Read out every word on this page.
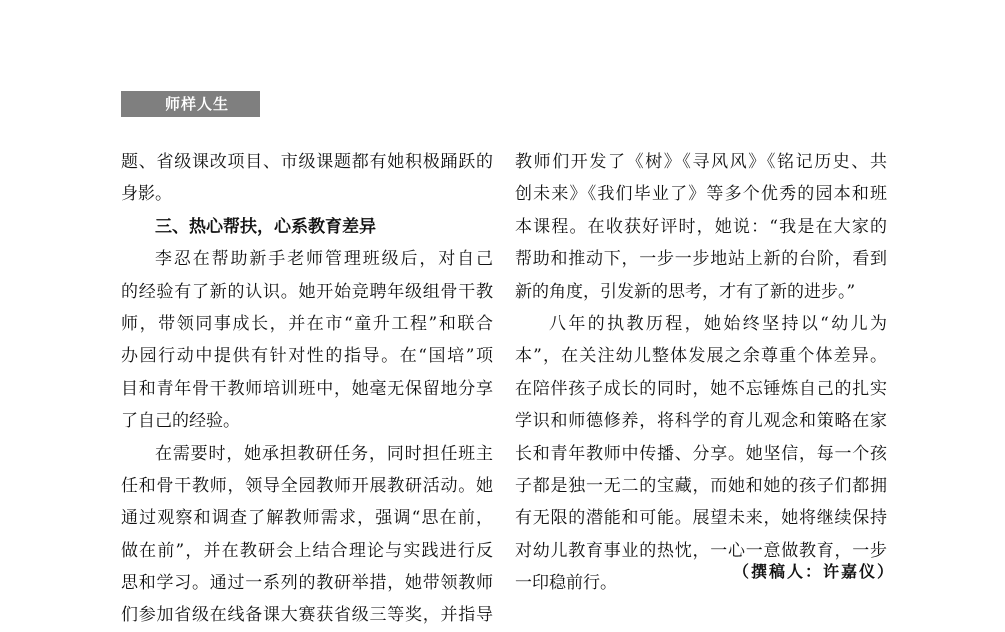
师样人生
题、省级课改项目、市级课题都有她积极踊跃的
身影。
三、热心帮扶，心系教育差异
李忍在帮助新手老师管理班级后，对自己
的经验有了新的认识。她开始竞聘年级组骨干教
师，带领同事成长，并在市“童升工程”和联合
办园行动中提供有针对性的指导。在“国培”项
目和青年骨干教师培训班中，她毫无保留地分享
了自己的经验。
在需要时，她承担教研任务，同时担任班主
任和骨干教师，领导全园教师开展教研活动。她
通过观察和调查了解教师需求，强调“思在前，
做在前”，并在教研会上结合理论与实践进行反
思和学习。通过一系列的教研举措，她带领教师
们参加省级在线备课大赛获省级三等奖，并指导
教师们开发了《树》《寻风风》《铭记历史、共
创未来》《我们毕业了》等多个优秀的园本和班
本课程。在收获好评时，她说：“我是在大家的
帮助和推动下，一步一步地站上新的台阶，看到
新的角度，引发新的思考，才有了新的进步。”
八年的执教历程，她始终坚持以“幼儿为
本”，在关注幼儿整体发展之余尊重个体差异。
在陪伴孩子成长的同时，她不忘锤炼自己的扎实
学识和师德修养，将科学的育儿观念和策略在家
长和青年教师中传播、分享。她坚信，每一个孩
子都是独一无二的宝藏，而她和她的孩子们都拥
有无限的潜能和可能。展望未来，她将继续保持
对幼儿教育事业的热忱，一心一意做教育，一步
一印稳前行。
（撰稿人：许嘉仪）
